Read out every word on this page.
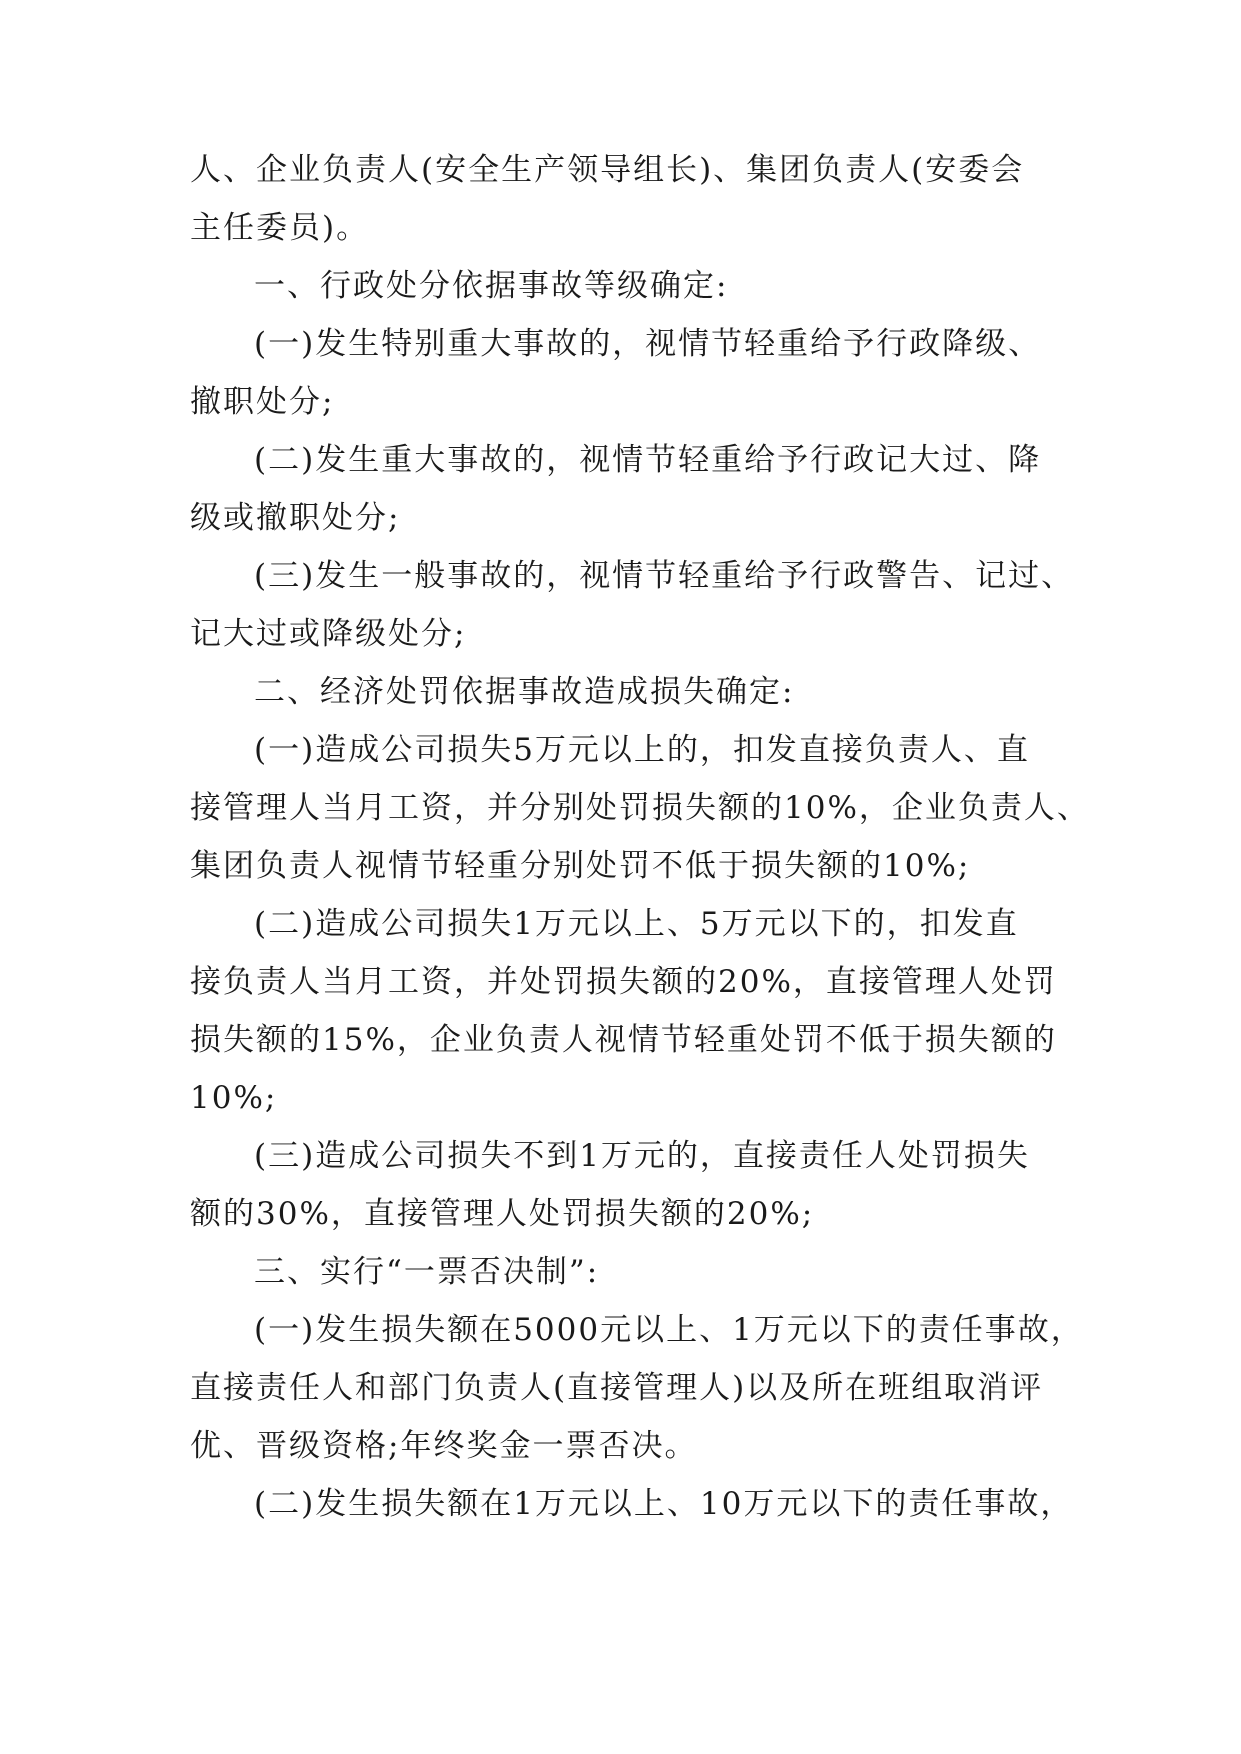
人、企业负责人(安全生产领导组长)、集团负责人(安委会
主任委员)。
一、行政处分依据事故等级确定:
(一)发生特别重大事故的，视情节轻重给予行政降级、
撤职处分;
(二)发生重大事故的，视情节轻重给予行政记大过、降
级或撤职处分;
(三)发生一般事故的，视情节轻重给予行政警告、记过、
记大过或降级处分;
二、经济处罚依据事故造成损失确定:
(一)造成公司损失5万元以上的，扣发直接负责人、直
接管理人当月工资，并分别处罚损失额的10%，企业负责人、
集团负责人视情节轻重分别处罚不低于损失额的10%;
(二)造成公司损失1万元以上、5万元以下的，扣发直
接负责人当月工资，并处罚损失额的20%，直接管理人处罚
损失额的15%，企业负责人视情节轻重处罚不低于损失额的
10%;
(三)造成公司损失不到1万元的，直接责任人处罚损失
额的30%，直接管理人处罚损失额的20%;
三、实行“一票否决制”:
(一)发生损失额在5000元以上、1万元以下的责任事故，
直接责任人和部门负责人(直接管理人)以及所在班组取消评
优、晋级资格;年终奖金一票否决。
(二)发生损失额在1万元以上、10万元以下的责任事故，
